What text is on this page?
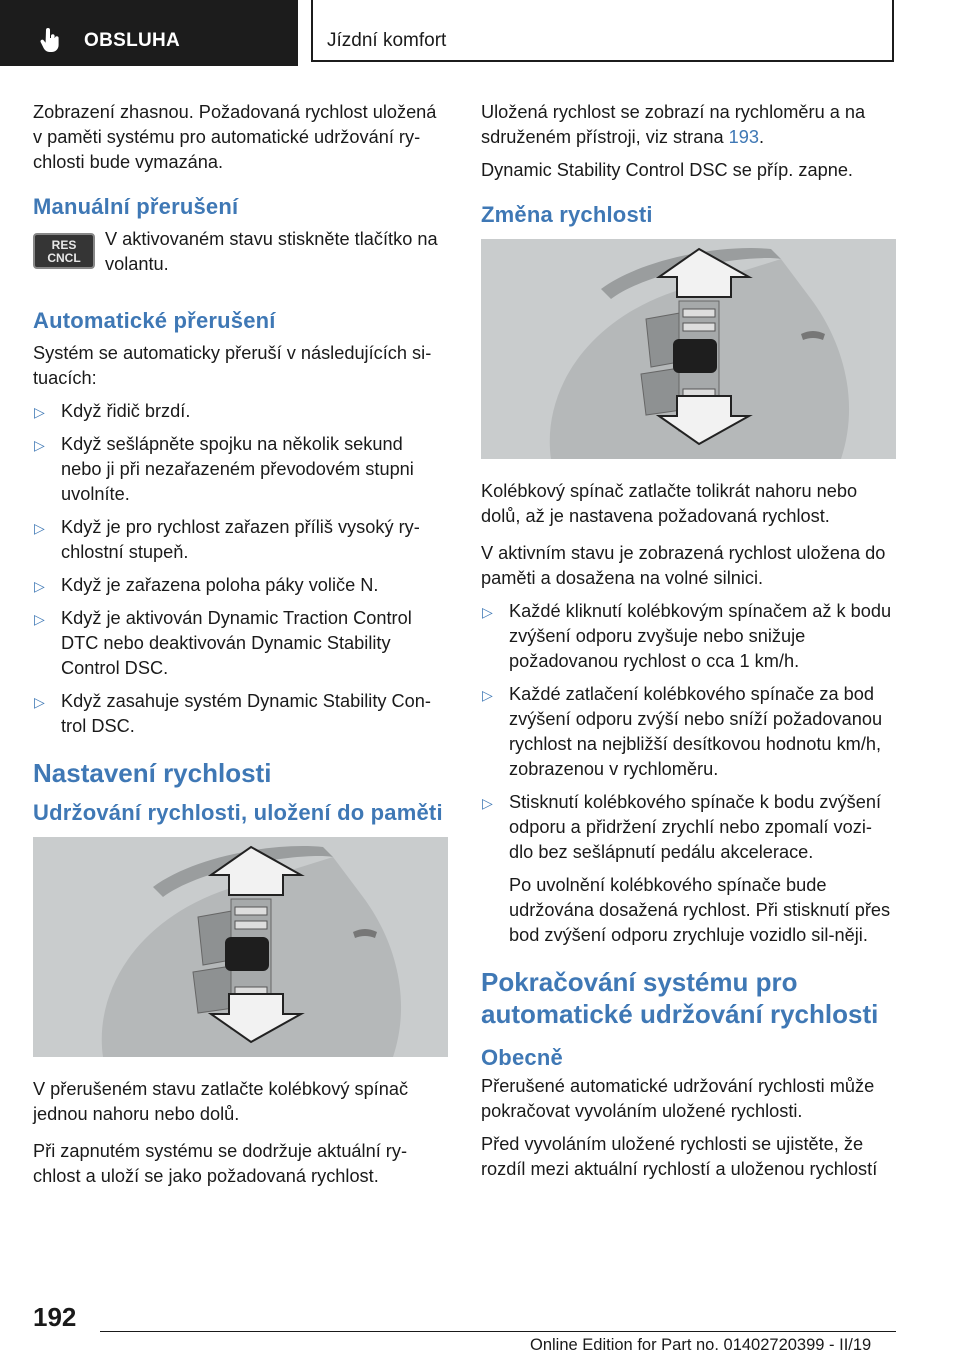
OBSLUHA	Jízdní komfort

Zobrazení zhasnou. Požadovaná rychlost uložená v paměti systému pro automatické udržování ry‐chlosti bude vymazána.

Manuální přerušení
RES
CNCL
V aktivovaném stavu stiskněte tlačítko na volantu.
Automatické přerušení

Systém se automaticky přeruší v následujících si‐tuacích:

▷ Když řidič brzdí.
▷ Když sešlápněte spojku na několik sekund nebo ji při nezařazeném převodovém stupni uvolníte.
▷ Když je pro rychlost zařazen příliš vysoký ry‐chlostní stupeň.
▷ Když je zařazena poloha páky voliče N.
▷ Když je aktivován Dynamic Traction Control DTC nebo deaktivován Dynamic Stability Control DSC.
▷ Když zasahuje systém Dynamic Stability Con‐trol DSC.
Nastavení rychlosti
Udržování rychlosti, uložení do paměti

V přerušeném stavu zatlačte kolébkový spínač jednou nahoru nebo dolů.

Při zapnutém systému se dodržuje aktuální ry‐chlost a uloží se jako požadovaná rychlost.

Uložená rychlost se zobrazí na rychloměru a na sdruženém přístroji, viz strana 193.

Dynamic Stability Control DSC se příp. zapne.

Změna rychlosti

Kolébkový spínač zatlačte tolikrát nahoru nebo dolů, až je nastavena požadovaná rychlost.

V aktivním stavu je zobrazená rychlost uložena do paměti a dosažena na volné silnici.

▷ Každé kliknutí kolébkovým spínačem až k bodu zvýšení odporu zvyšuje nebo snižuje požadovanou rychlost o cca 1 km/h.
▷ Každé zatlačení kolébkového spínače za bod zvýšení odporu zvýší nebo sníží požadovanou rychlost na nejbližší desítkovou hodnotu km/h, zobrazenou v rychloměru.
▷ Stisknutí kolébkového spínače k bodu zvýšení odporu a přidržení zrychlí nebo zpomalí vozi‐dlo bez sešlápnutí pedálu akcelerace.

Po uvolnění kolébkového spínače bude udržována dosažená rychlost. Při stisknutí přes bod zvýšení odporu zrychluje vozidlo sil‐něji.

Pokračování systému pro automatické udržování rychlosti
Obecně

Přerušené automatické udržování rychlosti může pokračovat vyvoláním uložené rychlosti.

Před vyvoláním uložené rychlosti se ujistěte, že rozdíl mezi aktuální rychlostí a uloženou rychlostí

192
Online Edition for Part no. 01402720399 - II/19
